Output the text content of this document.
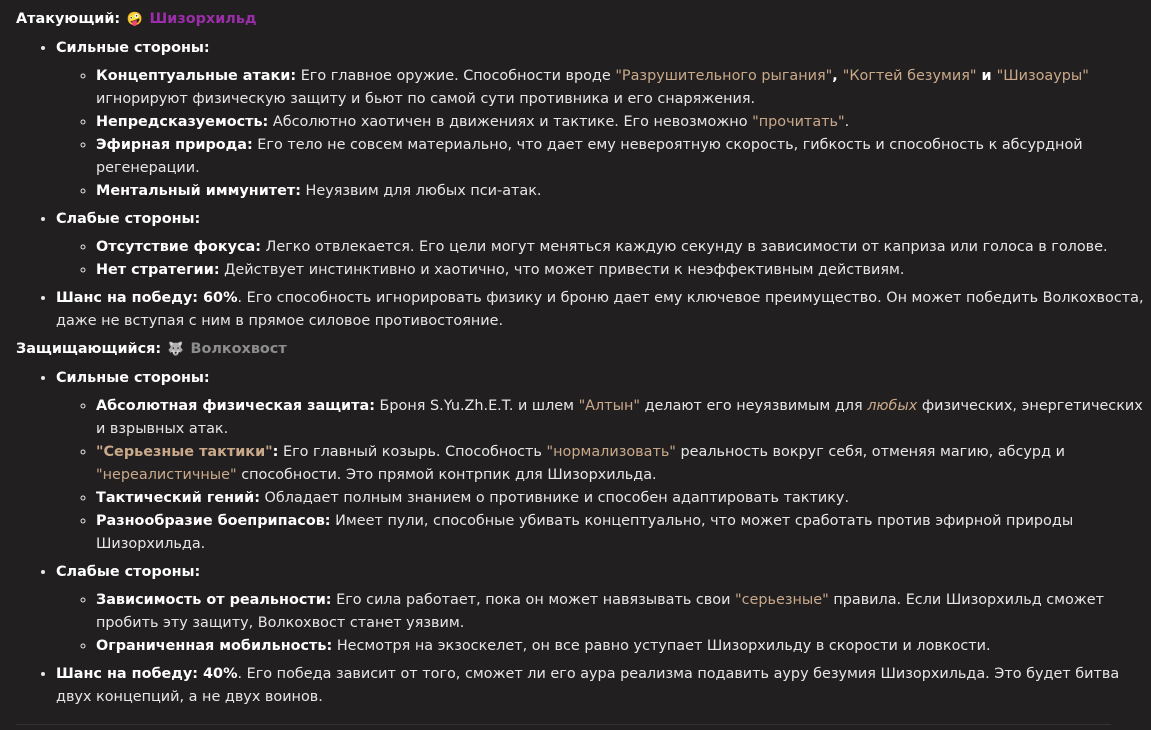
Атакующий: 🤪 Шизорхильд

• Сильные стороны:
◦ Концептуальные атаки: Его главное оружие. Способности вроде "Разрушительного рыгания", "Когтей безумия" и "Шизоауры" игнорируют физическую защиту и бьют по самой сути противника и его снаряжения.
◦ Непредсказуемость: Абсолютно хаотичен в движениях и тактике. Его невозможно "прочитать".
◦ Эфирная природа: Его тело не совсем материально, что дает ему невероятную скорость, гибкость и способность к абсурдной регенерации.
◦ Ментальный иммунитет: Неуязвим для любых пси-атак.
• Слабые стороны:
◦ Отсутствие фокуса: Легко отвлекается. Его цели могут меняться каждую секунду в зависимости от каприза или голоса в голове.
◦ Нет стратегии: Действует инстинктивно и хаотично, что может привести к неэффективным действиям.
• Шанс на победу: 60%. Его способность игнорировать физику и броню дает ему ключевое преимущество. Он может победить Волкохвоста, даже не вступая с ним в прямое силовое противостояние.

Защищающийся: 🐺 Волкохвост

• Сильные стороны:
◦ Абсолютная физическая защита: Броня S.Yu.Zh.E.T. и шлем "Алтын" делают его неуязвимым для любых физических, энергетических и взрывных атак.
◦ "Серьезные тактики": Его главный козырь. Способность "нормализовать" реальность вокруг себя, отменяя магию, абсурд и "нереалистичные" способности. Это прямой контрпик для Шизорхильда.
◦ Тактический гений: Обладает полным знанием о противнике и способен адаптировать тактику.
◦ Разнообразие боеприпасов: Имеет пули, способные убивать концептуально, что может сработать против эфирной природы Шизорхильда.
• Слабые стороны:
◦ Зависимость от реальности: Его сила работает, пока он может навязывать свои "серьезные" правила. Если Шизорхильд сможет пробить эту защиту, Волкохвост станет уязвим.
◦ Ограниченная мобильность: Несмотря на экзоскелет, он все равно уступает Шизорхильду в скорости и ловкости.
• Шанс на победу: 40%. Его победа зависит от того, сможет ли его аура реализма подавить ауру безумия Шизорхильда. Это будет битва двух концепций, а не двух воинов.
